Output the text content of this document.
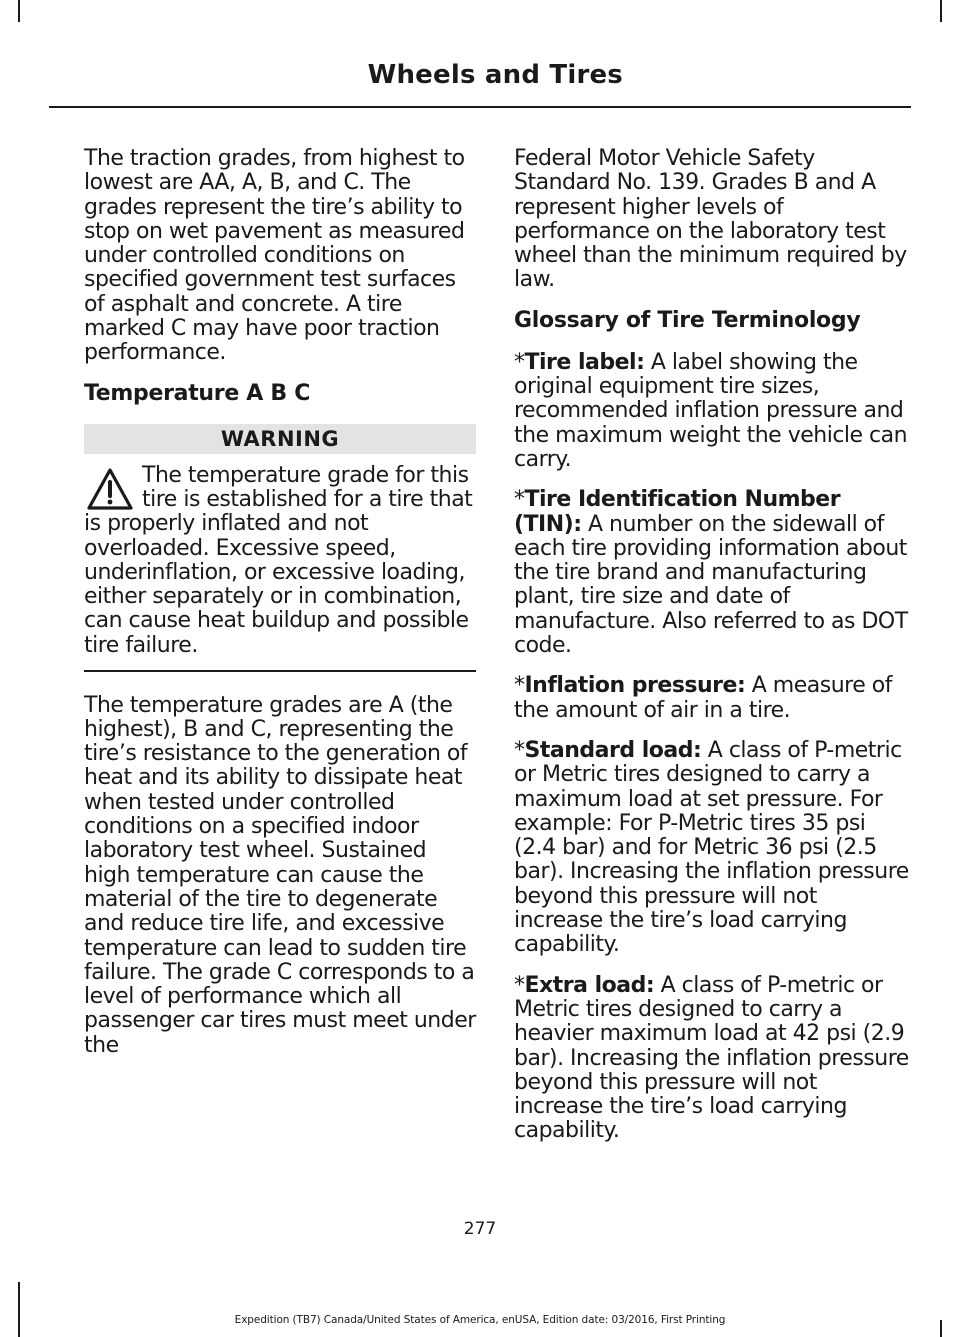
Wheels and Tires

The traction grades, from highest to lowest are AA, A, B, and C. The grades represent the tire’s ability to stop on wet pavement as measured under controlled conditions on specified government test surfaces of asphalt and concrete. A tire marked C may have poor traction performance.

Temperature A B C
WARNING
The temperature grade for this tire is established for a tire that is properly inflated and not overloaded. Excessive speed, underinflation, or excessive loading, either separately or in combination, can cause heat buildup and possible tire failure.

The temperature grades are A (the highest), B and C, representing the tire’s resistance to the generation of heat and its ability to dissipate heat when tested under controlled conditions on a specified indoor laboratory test wheel. Sustained high temperature can cause the material of the tire to degenerate and reduce tire life, and excessive temperature can lead to sudden tire failure. The grade C corresponds to a level of performance which all passenger car tires must meet under the

Federal Motor Vehicle Safety Standard No. 139. Grades B and A represent higher levels of performance on the laboratory test wheel than the minimum required by law.

Glossary of Tire Terminology

*Tire label: A label showing the original equipment tire sizes, recommended inflation pressure and the maximum weight the vehicle can carry.

*Tire Identification Number (TIN): A number on the sidewall of each tire providing information about the tire brand and manufacturing plant, tire size and date of manufacture. Also referred to as DOT code.

*Inflation pressure: A measure of the amount of air in a tire.

*Standard load: A class of P-metric or Metric tires designed to carry a maximum load at set pressure. For example: For P-Metric tires 35 psi (2.4 bar) and for Metric 36 psi (2.5 bar). Increasing the inflation pressure beyond this pressure will not increase the tire’s load carrying capability.

*Extra load: A class of P-metric or Metric tires designed to carry a heavier maximum load at 42 psi (2.9 bar). Increasing the inflation pressure beyond this pressure will not increase the tire’s load carrying capability.

277
Expedition (TB7) Canada/United States of America, enUSA, Edition date: 03/2016, First Printing
